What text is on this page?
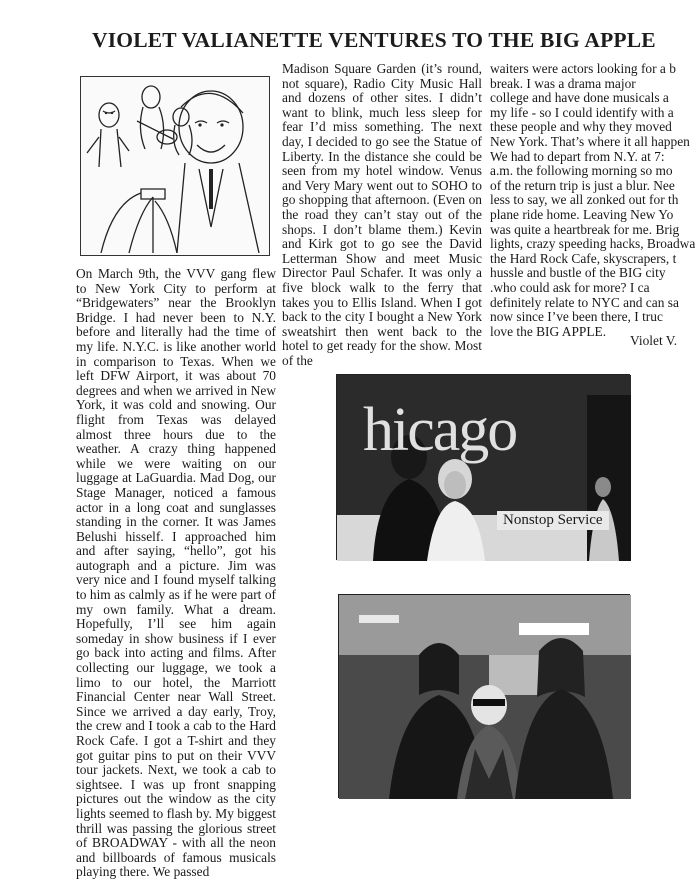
VIOLET VALIANETTE VENTURES TO THE BIG APPLE

On March 9th, the VVV gang flew to New York City to perform at “Bridgewaters” near the Brooklyn Bridge. I had never been to N.Y. before and literally had the time of my life. N.Y.C. is like another world in comparison to Texas. When we left DFW Airport, it was about 70 degrees and when we arrived in New York, it was cold and snowing. Our flight from Texas was delayed almost three hours due to the weather. A crazy thing happened while we were waiting on our luggage at LaGuardia. Mad Dog, our Stage Manager, noticed a famous actor in a long coat and sunglasses standing in the corner. It was James Belushi hisself. I approached him and after saying, “hello”, got his autograph and a picture. Jim was very nice and I found myself talking to him as calmly as if he were part of my own family. What a dream. Hopefully, I’ll see him again someday in show business if I ever go back into acting and films. After collecting our luggage, we took a limo to our hotel, the Marriott Financial Center near Wall Street. Since we arrived a day early, Troy, the crew and I took a cab to the Hard Rock Cafe. I got a T-shirt and they got guitar pins to put on their VVV tour jackets. Next, we took a cab to sightsee. I was up front snapping pictures out the window as the city lights seemed to flash by. My biggest thrill was passing the glorious street of BROADWAY - with all the neon and billboards of famous musicals playing there. We passed

Madison Square Garden (it’s round, not square), Radio City Music Hall and dozens of other sites. I didn’t want to blink, much less sleep for fear I’d miss something. The next day, I decided to go see the Statue of Liberty. In the distance she could be seen from my hotel window. Venus and Very Mary went out to SOHO to go shopping that afternoon. (Even on the road they can’t stay out of the shops. I don’t blame them.) Kevin and Kirk got to go see the David Letterman Show and meet Music Director Paul Schafer. It was only a five block walk to the ferry that takes you to Ellis Island. When I got back to the city I bought a New York sweatshirt then went back to the hotel to get ready for the show. Most of the

waiters were actors looking for a b
break. I was a drama major
college and have done musicals a
my life - so I could identify with a
these people and why they moved
New York. That’s where it all happen
We had to depart from N.Y. at 7:
a.m. the following morning so mo
of the return trip is just a blur. Nee
less to say, we all zonked out for th
plane ride home. Leaving New Yo
was quite a heartbreak for me. Brig
lights, crazy speeding hacks, Broadwa
the Hard Rock Cafe, skyscrapers, t
hussle and bustle of the BIG city
.who could ask for more? I ca
definitely relate to NYC and can sa
now since I’ve been there, I truc
love the BIG APPLE.
Violet V.
hicago
Nonstop Service
